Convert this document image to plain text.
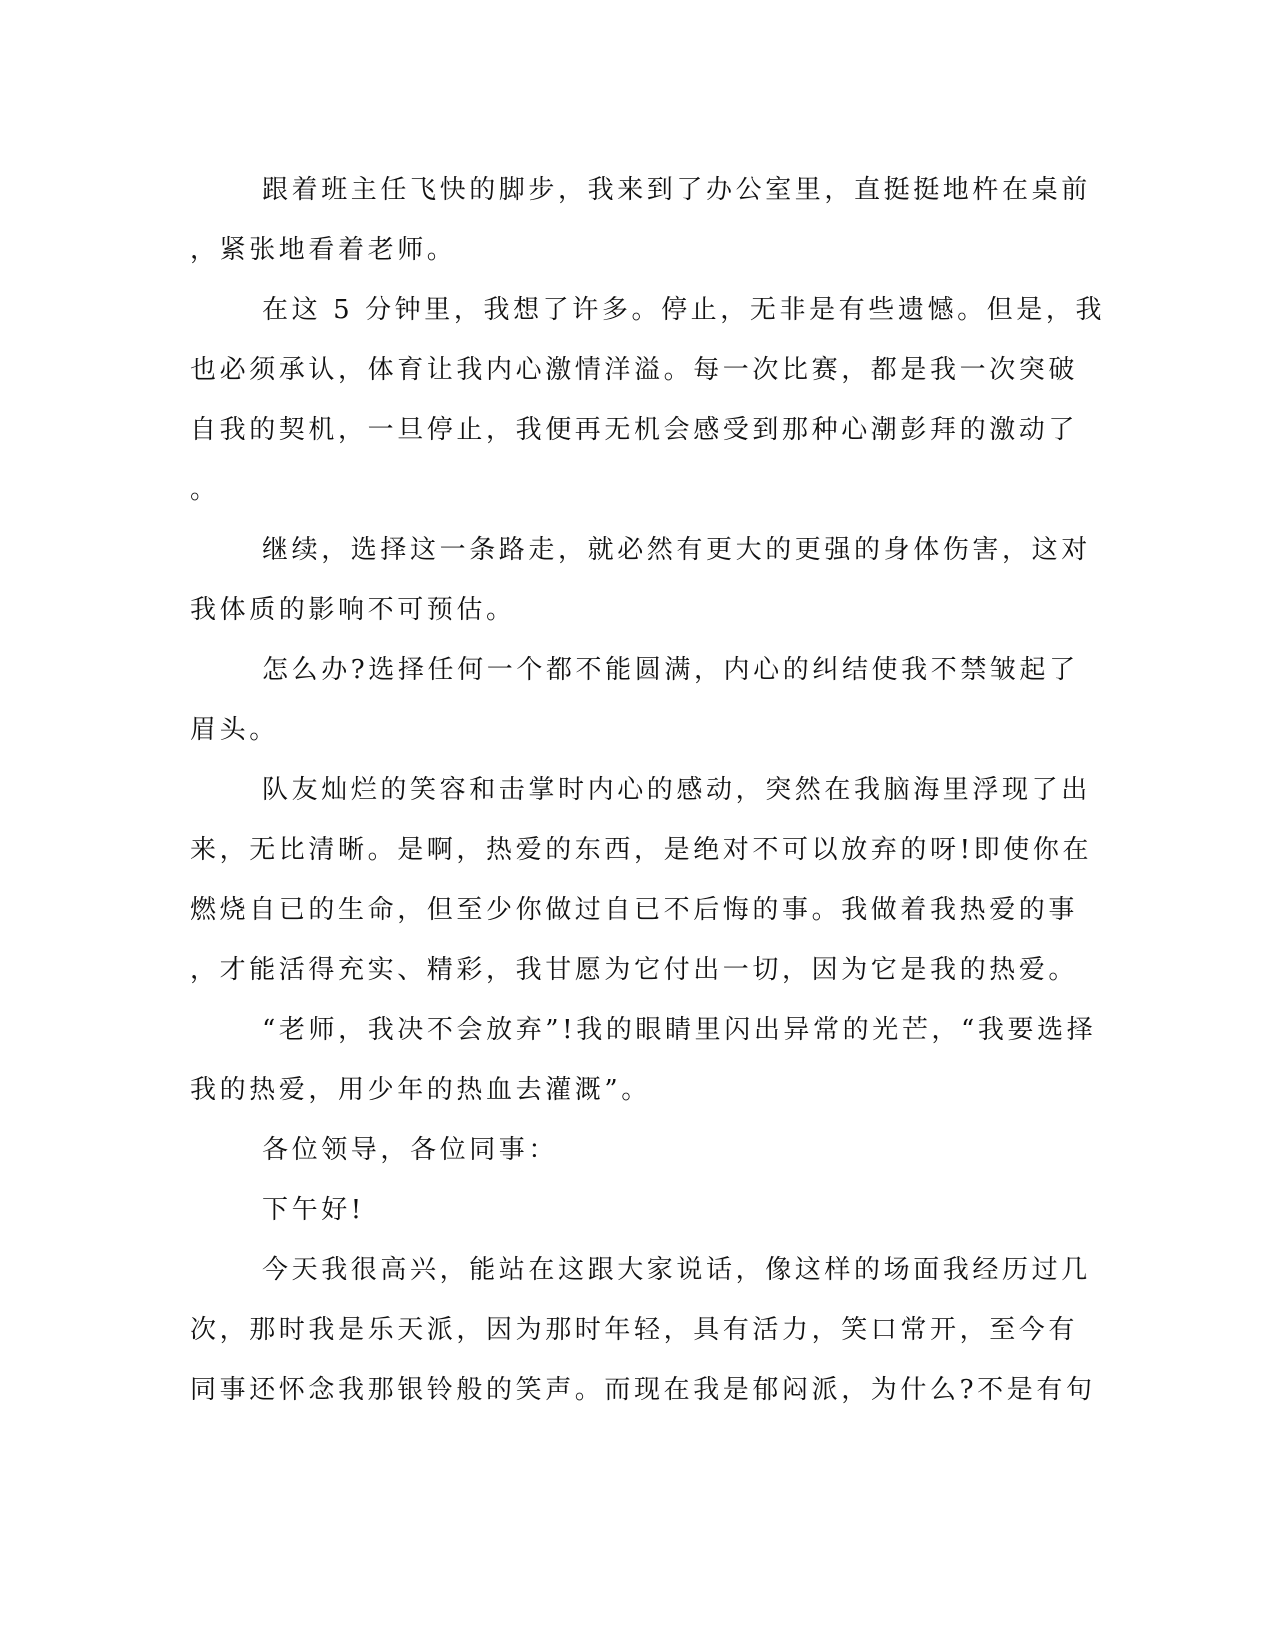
跟着班主任飞快的脚步，我来到了办公室里，直挺挺地杵在桌前
，紧张地看着老师。
在这 5 分钟里，我想了许多。停止，无非是有些遗憾。但是，我
也必须承认，体育让我内心激情洋溢。每一次比赛，都是我一次突破
自我的契机，一旦停止，我便再无机会感受到那种心潮彭拜的激动了
。
继续，选择这一条路走，就必然有更大的更强的身体伤害，这对
我体质的影响不可预估。
怎么办?选择任何一个都不能圆满，内心的纠结使我不禁皱起了
眉头。
队友灿烂的笑容和击掌时内心的感动，突然在我脑海里浮现了出
来，无比清晰。是啊，热爱的东西，是绝对不可以放弃的呀!即使你在
燃烧自已的生命，但至少你做过自已不后悔的事。我做着我热爱的事
，才能活得充实、精彩，我甘愿为它付出一切，因为它是我的热爱。
“老师，我决不会放弃”!我的眼睛里闪出异常的光芒，“我要选择
我的热爱，用少年的热血去灌溉”。
各位领导，各位同事：
下午好!
今天我很高兴，能站在这跟大家说话，像这样的场面我经历过几
次，那时我是乐天派，因为那时年轻，具有活力，笑口常开，至今有
同事还怀念我那银铃般的笑声。而现在我是郁闷派，为什么?不是有句
